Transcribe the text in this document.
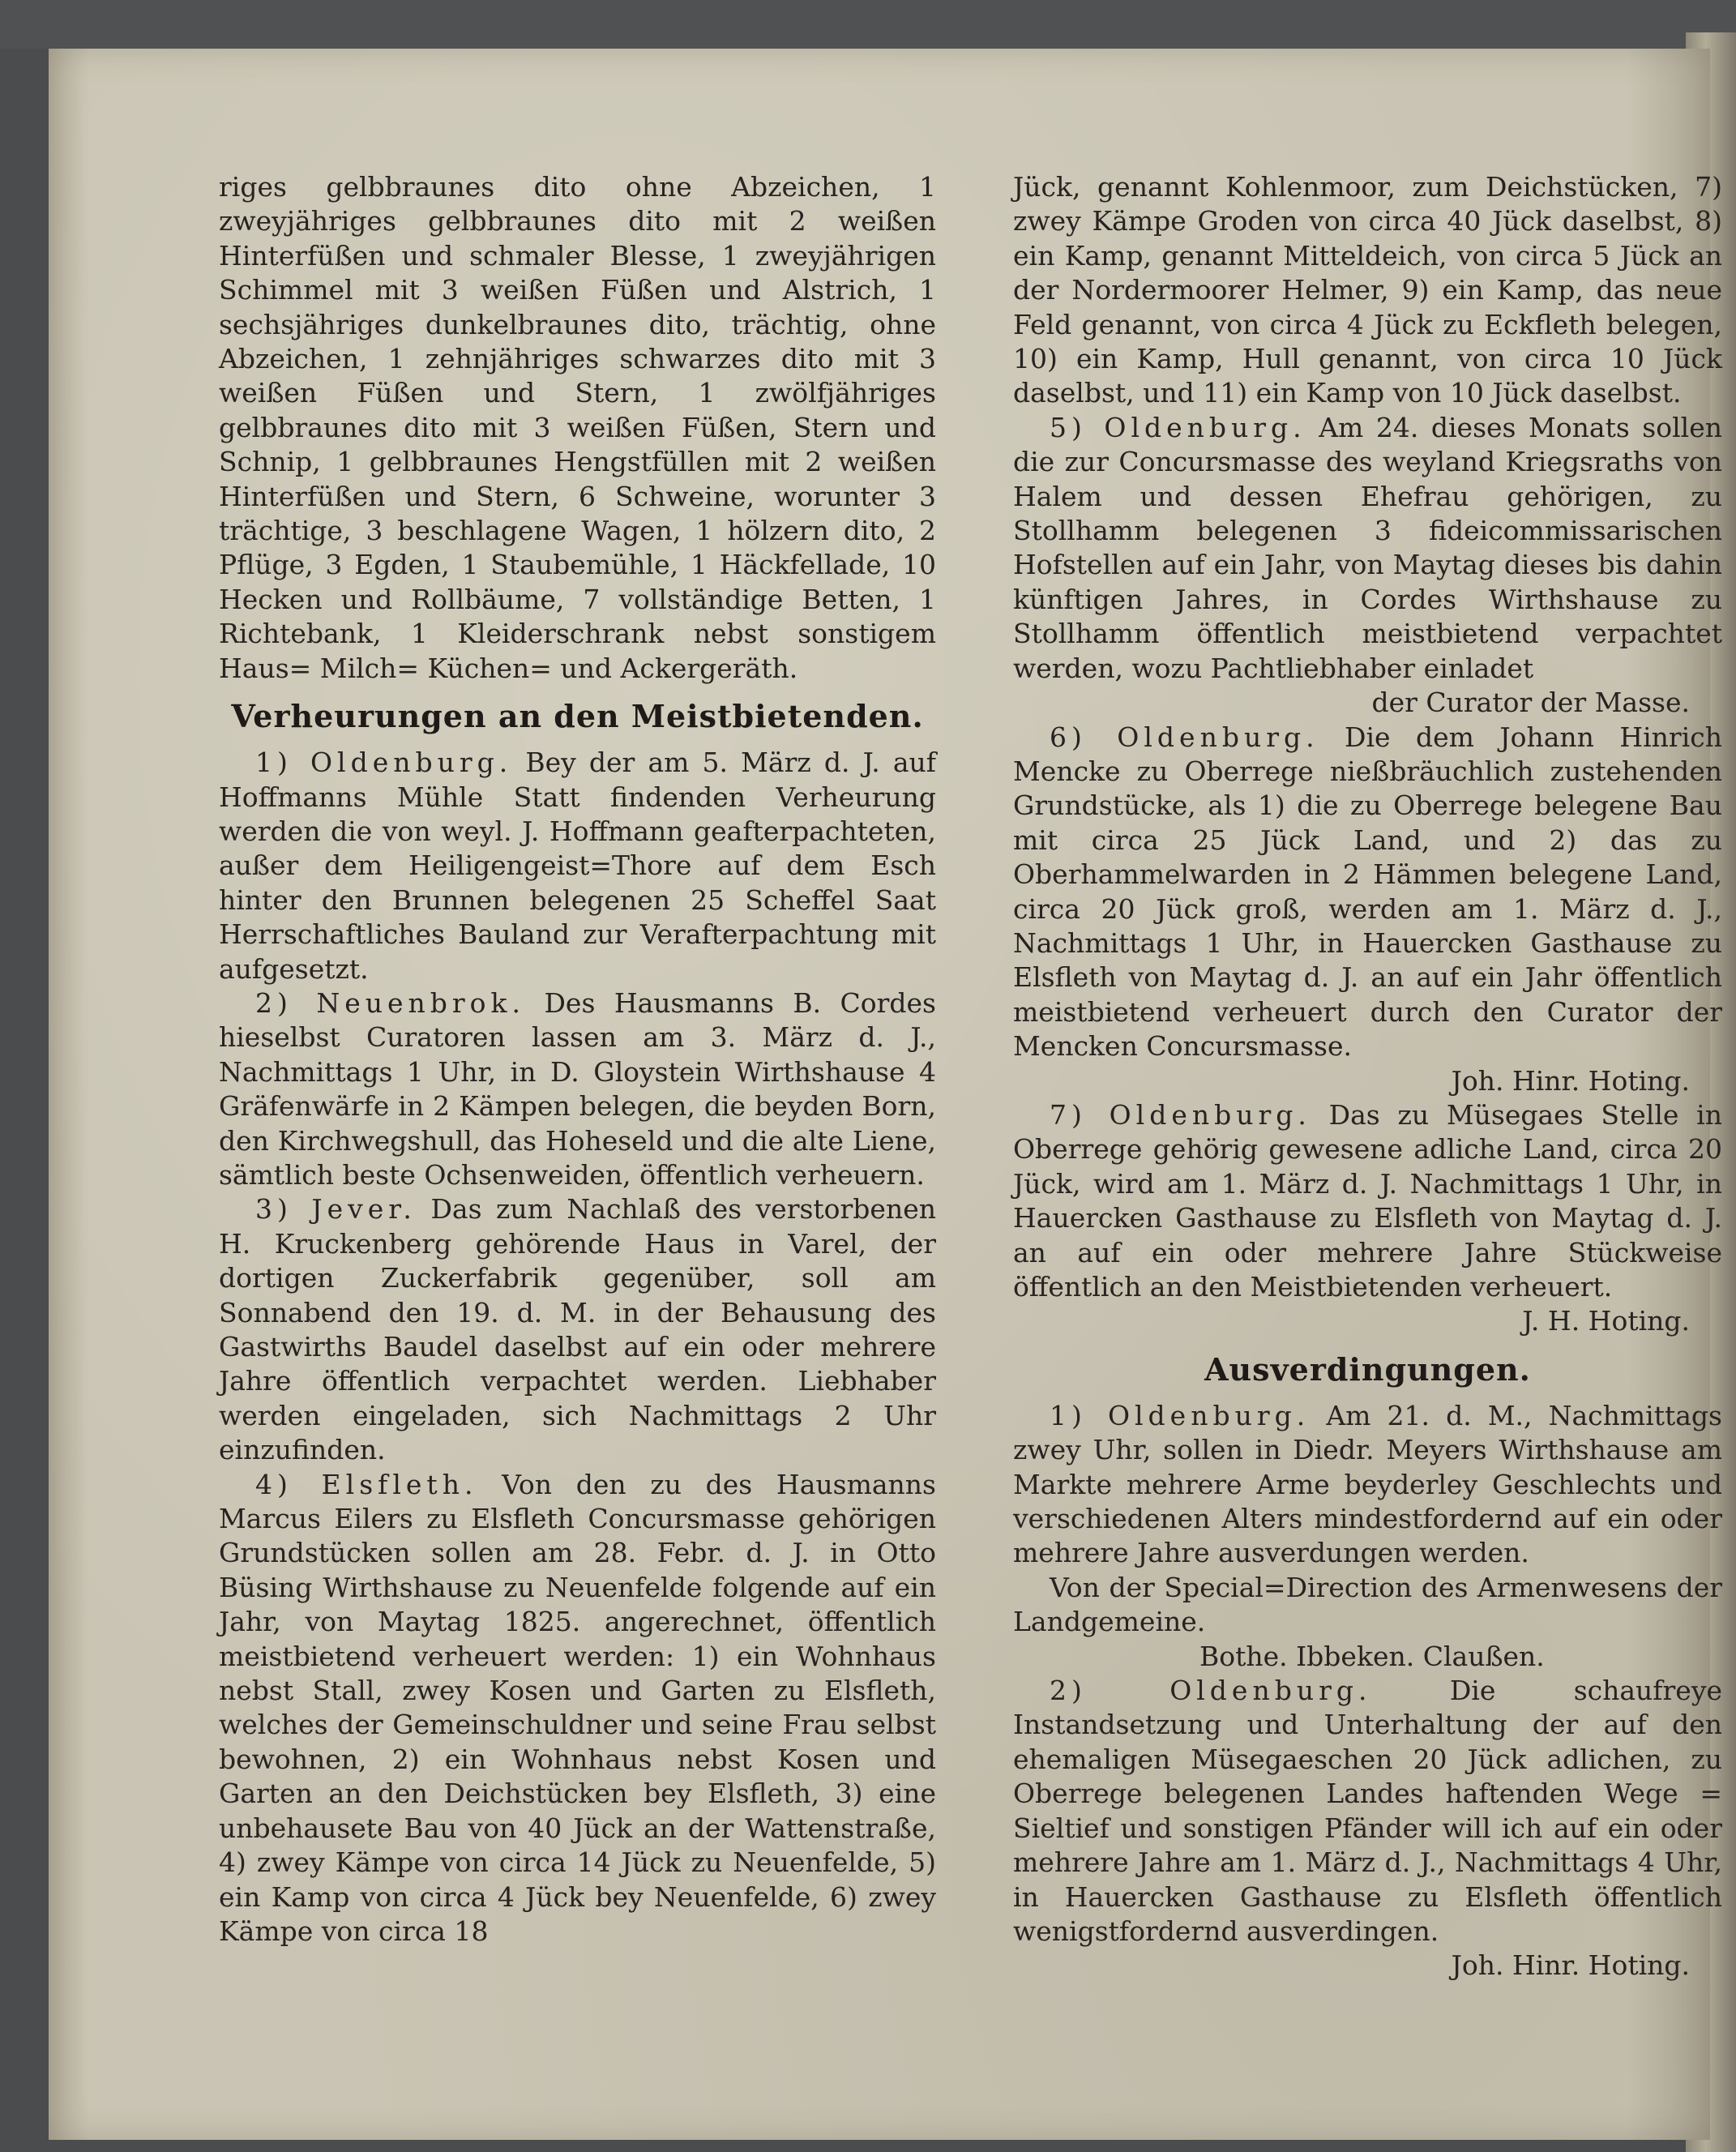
riges gelbbraunes dito ohne Abzeichen, 1 zweyjähriges gelbbraunes dito mit 2 weißen Hinterfüßen und schmaler Blesse, 1 zweyjährigen Schimmel mit 3 weißen Füßen und Alstrich, 1 sechsjähriges dunkelbraunes dito, trächtig, ohne Abzeichen, 1 zehnjähriges schwarzes dito mit 3 weißen Füßen und Stern, 1 zwölfjähriges gelbbraunes dito mit 3 weißen Füßen, Stern und Schnip, 1 gelbbraunes Hengstfüllen mit 2 weißen Hinterfüßen und Stern, 6 Schweine, worunter 3 trächtige, 3 beschlagene Wagen, 1 hölzern dito, 2 Pflüge, 3 Egden, 1 Staubemühle, 1 Häckfellade, 10 Hecken und Rollbäume, 7 vollständige Betten, 1 Richtebank, 1 Kleiderschrank nebst sonstigem Haus= Milch= Küchen= und Ackergeräth.

Verheurungen an den Meistbietenden.

1) Oldenburg. Bey der am 5. März d. J. auf Hoffmanns Mühle Statt findenden Verheurung werden die von weyl. J. Hoffmann geafterpachteten, außer dem Heiligengeist=Thore auf dem Esch hinter den Brunnen belegenen 25 Scheffel Saat Herrschaftliches Bauland zur Verafterpachtung mit aufgesetzt.

2) Neuenbrok. Des Hausmanns B. Cordes hieselbst Curatoren lassen am 3. März d. J., Nachmittags 1 Uhr, in D. Gloystein Wirthshause 4 Gräfenwärfe in 2 Kämpen belegen, die beyden Born, den Kirchwegshull, das Hoheseld und die alte Liene, sämtlich beste Ochsenweiden, öffentlich verheuern.

3) Jever. Das zum Nachlaß des verstorbenen H. Kruckenberg gehörende Haus in Varel, der dortigen Zuckerfabrik gegenüber, soll am Sonnabend den 19. d. M. in der Behausung des Gastwirths Baudel daselbst auf ein oder mehrere Jahre öffentlich verpachtet werden. Liebhaber werden eingeladen, sich Nachmittags 2 Uhr einzufinden.

4) Elsfleth. Von den zu des Hausmanns Marcus Eilers zu Elsfleth Concursmasse gehörigen Grundstücken sollen am 28. Febr. d. J. in Otto Büsing Wirthshause zu Neuenfelde folgende auf ein Jahr, von Maytag 1825. angerechnet, öffentlich meistbietend verheuert werden: 1) ein Wohnhaus nebst Stall, zwey Kosen und Garten zu Elsfleth, welches der Gemeinschuldner und seine Frau selbst bewohnen, 2) ein Wohnhaus nebst Kosen und Garten an den Deichstücken bey Elsfleth, 3) eine unbehausete Bau von 40 Jück an der Wattenstraße, 4) zwey Kämpe von circa 14 Jück zu Neuenfelde, 5) ein Kamp von circa 4 Jück bey Neuenfelde, 6) zwey Kämpe von circa 18

Jück, genannt Kohlenmoor, zum Deichstücken, 7) zwey Kämpe Groden von circa 40 Jück daselbst, 8) ein Kamp, genannt Mitteldeich, von circa 5 Jück an der Nordermoorer Helmer, 9) ein Kamp, das neue Feld genannt, von circa 4 Jück zu Eckfleth belegen, 10) ein Kamp, Hull genannt, von circa 10 Jück daselbst, und 11) ein Kamp von 10 Jück daselbst.

5) Oldenburg. Am 24. dieses Monats sollen die zur Concursmasse des weyland Kriegsraths von Halem und dessen Ehefrau gehörigen, zu Stollhamm belegenen 3 fideicommissarischen Hofstellen auf ein Jahr, von Maytag dieses bis dahin künftigen Jahres, in Cordes Wirthshause zu Stollhamm öffentlich meistbietend verpachtet werden, wozu Pachtliebhaber einladet

der Curator der Masse.

6) Oldenburg. Die dem Johann Hinrich Mencke zu Oberrege nießbräuchlich zustehenden Grundstücke, als 1) die zu Oberrege belegene Bau mit circa 25 Jück Land, und 2) das zu Oberhammelwarden in 2 Hämmen belegene Land, circa 20 Jück groß, werden am 1. März d. J., Nachmittags 1 Uhr, in Hauercken Gasthause zu Elsfleth von Maytag d. J. an auf ein Jahr öffentlich meistbietend verheuert durch den Curator der Mencken Concursmasse.

Joh. Hinr. Hoting.

7) Oldenburg. Das zu Müsegaes Stelle in Oberrege gehörig gewesene adliche Land, circa 20 Jück, wird am 1. März d. J. Nachmittags 1 Uhr, in Hauercken Gasthause zu Elsfleth von Maytag d. J. an auf ein oder mehrere Jahre Stückweise öffentlich an den Meistbietenden verheuert.

J. H. Hoting.

Ausverdingungen.

1) Oldenburg. Am 21. d. M., Nachmittags zwey Uhr, sollen in Diedr. Meyers Wirthshause am Markte mehrere Arme beyderley Geschlechts und verschiedenen Alters mindestfordernd auf ein oder mehrere Jahre ausverdungen werden.

Von der Special=Direction des Armenwesens der Landgemeine.

Bothe. Ibbeken. Claußen.

2) Oldenburg.	Die schaufreye Instandsetzung und Unterhaltung der auf den ehemaligen Müsegaeschen 20 Jück adlichen, zu Oberrege belegenen Landes haftenden Wege = Sieltief und sonstigen Pfänder will ich auf ein oder mehrere Jahre am 1. März d. J., Nachmittags 4 Uhr, in Hauercken Gasthause zu Elsfleth öffentlich wenigstfordernd ausverdingen.

Joh. Hinr. Hoting.
